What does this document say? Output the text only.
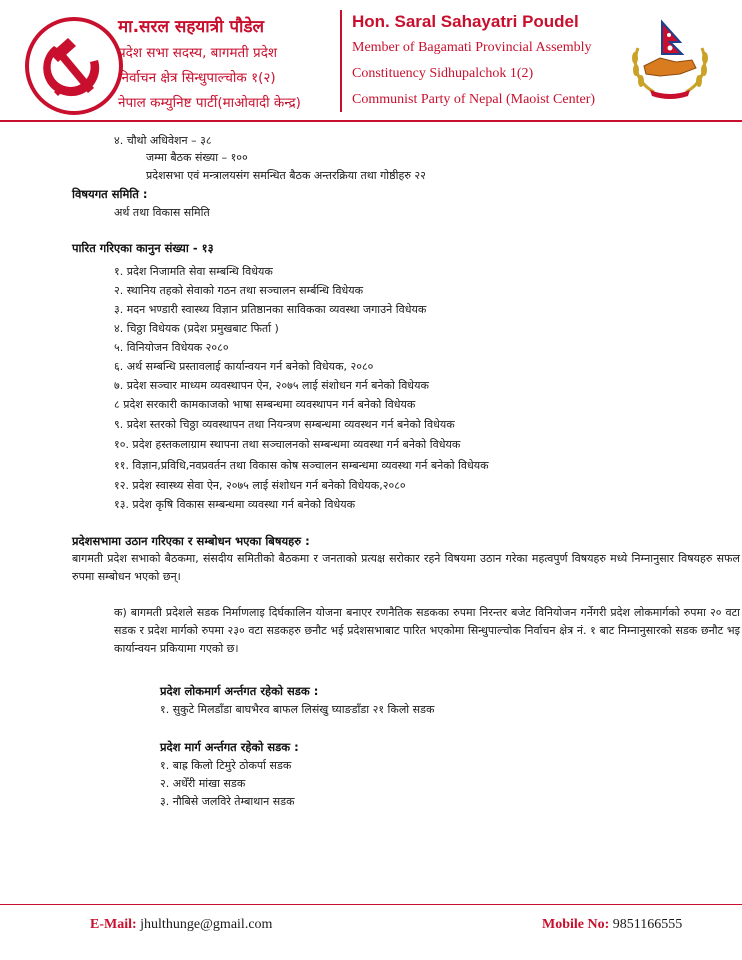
मा.सरल सहयात्री पौडेल
प्रदेश सभा सदस्य, बागमती प्रदेश
निर्वाचन क्षेत्र सिन्धुपाल्चोक १(२)
नेपाल कम्युनिष्ट पार्टी(माओवादी केन्द्र)
Hon. Saral Sahayatri Poudel
Member of Bagamati Provincial Assembly
Constituency Sidhupalchok 1(2)
Communist Party of Nepal (Maoist Center)
४. चौथो अधिवेशन – ३८
जम्मा बैठक संख्या – १००
प्रदेशसभा एवं मन्त्रालयसंग समन्धित बैठक अन्तरक्रिया तथा गोष्ठीहरु २२
विषयगत समिति :
अर्थ तथा विकास समिति
पारित गरिएका कानुन संख्या - १३
१. प्रदेश निजामति सेवा सम्बन्धि विधेयक
२. स्थानिय तहको सेवाको गठन तथा सञ्चालन सर्म्बन्धि विधेयक
३. मदन भण्डारी स्वास्थ्य विज्ञान प्रतिष्ठानका साविकका व्यवस्था जगाउने विधेयक
४. चिठ्ठा विधेयक (प्रदेश प्रमुखबाट फिर्ता )
५. विनियोजन विधेयक २०८०
६. अर्थ सम्बन्धि प्रस्तावलाई कार्यान्वयन गर्न बनेको विधेयक, २०८०
७. प्रदेश सञ्चार माध्यम व्यवस्थापन ऐन, २०७५ लाई संशोधन गर्न बनेको विधेयक
८ प्रदेश सरकारी कामकाजको भाषा सम्बन्धमा व्यवस्थापन गर्न बनेको विधेयक
९. प्रदेश स्तरको चिठ्ठा व्यवस्थापन तथा नियन्त्रण सम्बन्धमा व्यवस्थन गर्न बनेको विधेयक
१०. प्रदेश हस्तकलाग्राम स्थापना तथा सञ्चालनको सम्बन्धमा व्यवस्था गर्न बनेको विधेयक
११. विज्ञान,प्रविधि,नवप्रवर्तन तथा विकास कोष सञ्चालन सम्बन्धमा व्यवस्था गर्न बनेको विधेयक
१२. प्रदेश स्वास्थ्य सेवा ऐन, २०७५ लाई संशोधन गर्न बनेको विधेयक,२०८०
१३. प्रदेश कृषि विकास सम्बन्धमा व्यवस्था गर्न बनेको विधेयक
प्रदेशसभामा उठान गरिएका र सम्बोधन भएका बिषयहरु :
बागमती प्रदेश सभाको बैठकमा, संसदीय समितीको बैठकमा र जनताको प्रत्यक्ष सरोकार रहने विषयमा उठान गरेका महत्वपुर्ण विषयहरु मध्ये निम्नानुसार विषयहरु सफल रुपमा सम्बोधन भएको छन्।
क) बागमती प्रदेशले सडक निर्माणलाइ दिर्घकालिन योजना बनाएर रणनैतिक सडकका रुपमा निरन्तर बजेट विनियोजन गर्नेगरी प्रदेश लोकमार्गको रुपमा २० वटा सडक र प्रदेश मार्गको रुपमा २३० वटा सडकहरु छनौट भई प्रदेशसभाबाट पारित भएकोमा सिन्धुपाल्चोक निर्वाचन क्षेत्र नं. १ बाट निम्नानुसारको सडक छनौट भइ कार्यान्वयन प्रकियामा गएको छ।
प्रदेश लोकमार्ग अर्न्तगत रहेको सडक :
१. सुकुटे मिलडाँडा बाघभैरव बाफल लिसंखु घ्याङडाँडा २१ किलो सडक
प्रदेश मार्ग अर्न्तगत रहेको सडक :
१. बाह्र किलो टिमुरे ठोकर्पा सडक
२. अधेँरी मांखा सडक
३. नौबिसे जलविरे तेम्बाथान सडक
E-Mail: jhulthunge@gmail.com	Mobile No: 9851166555
